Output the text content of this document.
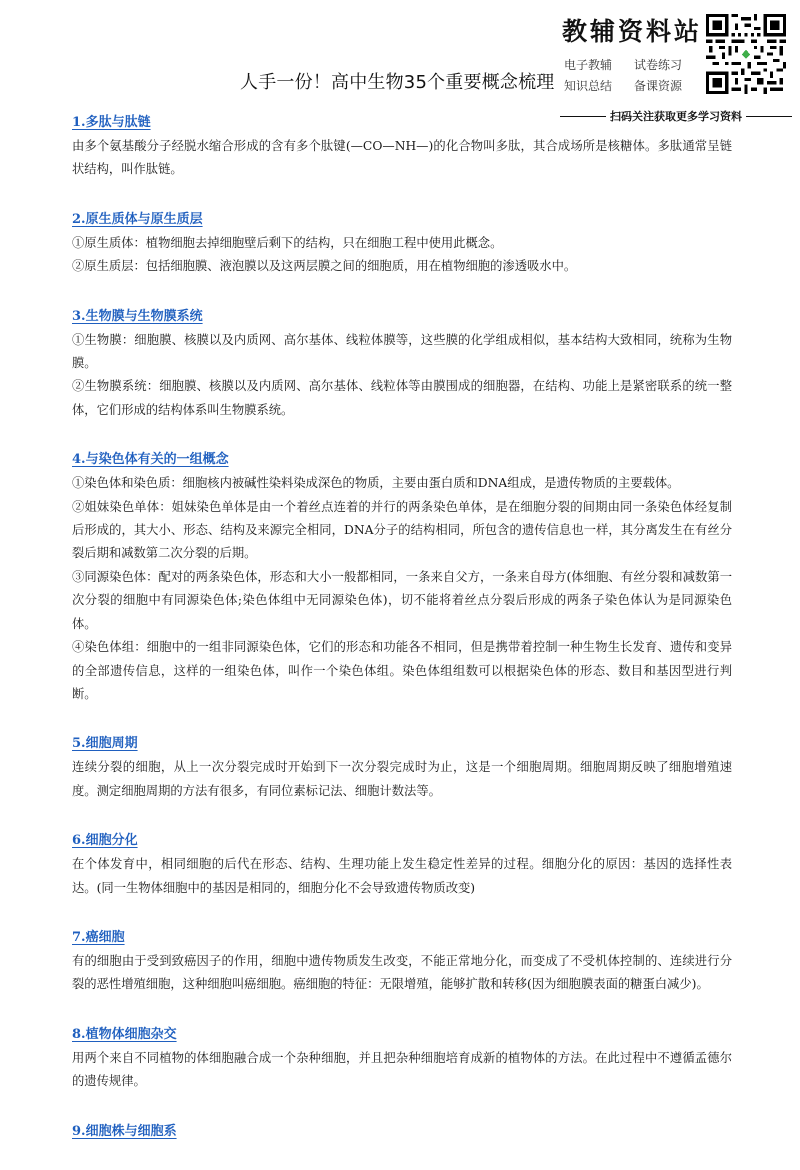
人手一份！高中生物35个重要概念梳理
教辅资料站
电子教辅	试卷练习
知识总结	备课资源
扫码关注获取更多学习资料
1.多肽与肽链
由多个氨基酸分子经脱水缩合形成的含有多个肽键(—CO—NH—)的化合物叫多肽，其合成场所是核糖体。多肽通常呈链状结构，叫作肽链。
2.原生质体与原生质层
①原生质体：植物细胞去掉细胞壁后剩下的结构，只在细胞工程中使用此概念。
②原生质层：包括细胞膜、液泡膜以及这两层膜之间的细胞质，用在植物细胞的渗透吸水中。
3.生物膜与生物膜系统
①生物膜：细胞膜、核膜以及内质网、高尔基体、线粒体膜等，这些膜的化学组成相似，基本结构大致相同，统称为生物膜。
②生物膜系统：细胞膜、核膜以及内质网、高尔基体、线粒体等由膜围成的细胞器，在结构、功能上是紧密联系的统一整体，它们形成的结构体系叫生物膜系统。
4.与染色体有关的一组概念
①染色体和染色质：细胞核内被碱性染料染成深色的物质，主要由蛋白质和DNA组成，是遗传物质的主要载体。
②姐妹染色单体：姐妹染色单体是由一个着丝点连着的并行的两条染色单体，是在细胞分裂的间期由同一条染色体经复制后形成的，其大小、形态、结构及来源完全相同，DNA分子的结构相同，所包含的遗传信息也一样，其分离发生在有丝分裂后期和减数第二次分裂的后期。
③同源染色体：配对的两条染色体，形态和大小一般都相同，一条来自父方，一条来自母方(体细胞、有丝分裂和减数第一次分裂的细胞中有同源染色体;染色体组中无同源染色体)，切不能将着丝点分裂后形成的两条子染色体认为是同源染色体。
④染色体组：细胞中的一组非同源染色体，它们的形态和功能各不相同，但是携带着控制一种生物生长发育、遗传和变异的全部遗传信息，这样的一组染色体，叫作一个染色体组。染色体组组数可以根据染色体的形态、数目和基因型进行判断。
5.细胞周期
连续分裂的细胞，从上一次分裂完成时开始到下一次分裂完成时为止，这是一个细胞周期。细胞周期反映了细胞增殖速度。测定细胞周期的方法有很多，有同位素标记法、细胞计数法等。
6.细胞分化
在个体发育中，相同细胞的后代在形态、结构、生理功能上发生稳定性差异的过程。细胞分化的原因：基因的选择性表达。(同一生物体细胞中的基因是相同的，细胞分化不会导致遗传物质改变)
7.癌细胞
有的细胞由于受到致癌因子的作用，细胞中遗传物质发生改变，不能正常地分化，而变成了不受机体控制的、连续进行分裂的恶性增殖细胞，这种细胞叫癌细胞。癌细胞的特征：无限增殖，能够扩散和转移(因为细胞膜表面的糖蛋白减少)。
8.植物体细胞杂交
用两个来自不同植物的体细胞融合成一个杂种细胞，并且把杂种细胞培育成新的植物体的方法。在此过程中不遵循孟德尔的遗传规律。
9.细胞株与细胞系
